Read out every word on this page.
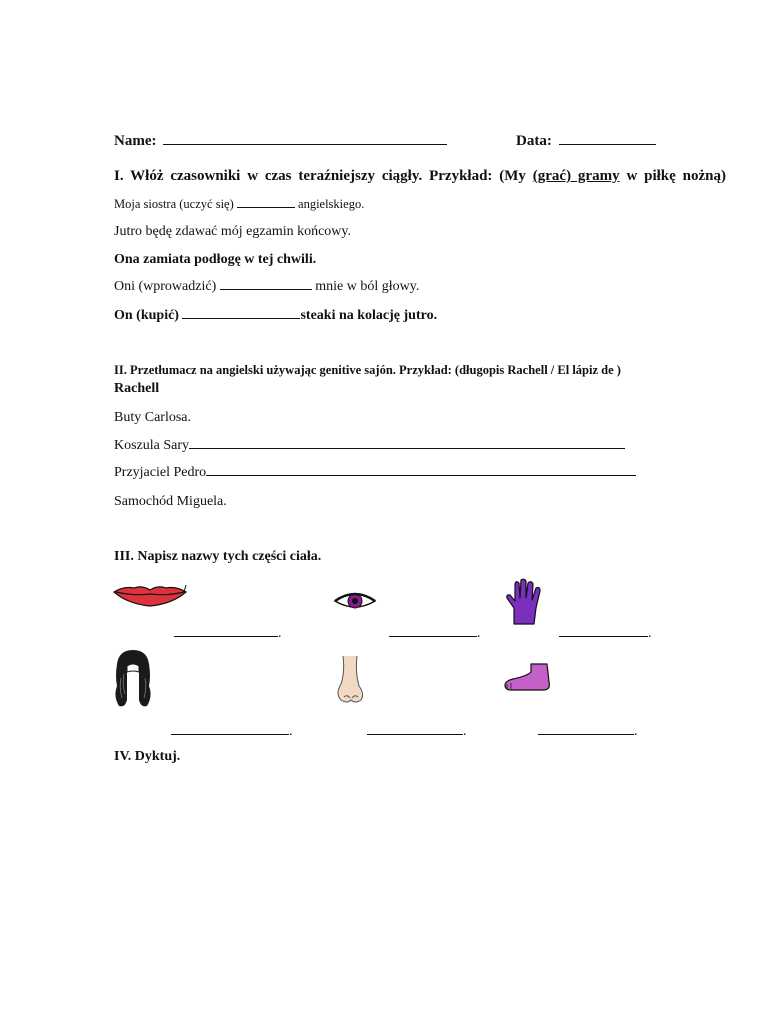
Name:	Data:
I. Włóż czasowniki w czas teraźniejszy ciągły. Przykład: (My (grać) gramy w piłkę nożną)
Moja siostra (uczyć się)	angielskiego.
Jutro będę zdawać mój egzamin końcowy.
Ona zamiata podłogę w tej chwili.
Oni (wprowadzić)	mnie w ból głowy.
On (kupić)	steaki na kolację jutro.
II. Przetłumacz na angielski używając genitive sajón. Przykład: (długopis Rachell / El lápiz de )
Rachell
Buty Carlosa.
Koszula Sary
Przyjaciel Pedro
Samochód Miguela.
III. Napisz nazwy tych części ciała.
.	.	.
.	.	.
IV. Dyktuj.
